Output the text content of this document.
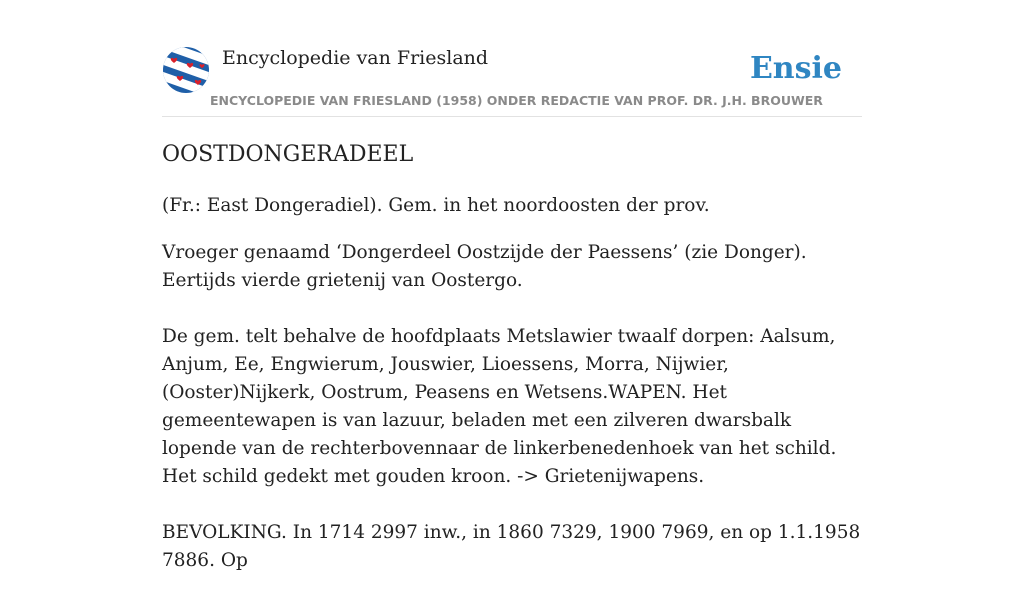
Encyclopedie van Friesland	Ensie
ENCYCLOPEDIE VAN FRIESLAND (1958) ONDER REDACTIE VAN PROF. DR. J.H. BROUWER
OOSTDONGERADEEL

(Fr.: East Dongeradiel). Gem. in het noordoosten der prov.

Vroeger genaamd ‘Dongerdeel Oostzijde der Paessens’ (zie Donger). Eertijds vierde grietenij van Oostergo.

De gem. telt behalve de hoofdplaats Metslawier twaalf dorpen: Aalsum, Anjum, Ee, Engwierum, Jouswier, Lioessens, Morra, Nijwier, (Ooster)Nijkerk, Oostrum, Peasens en Wetsens.WAPEN. Het gemeentewapen is van lazuur, beladen met een zilveren dwarsbalk lopende van de rechterbovennaar de linkerbenedenhoek van het schild. Het schild gedekt met gouden kroon. -> Grietenijwapens.

BEVOLKING. In 1714 2997 inw., in 1860 7329, 1900 7969, en op 1.1.1958 7886. Op
